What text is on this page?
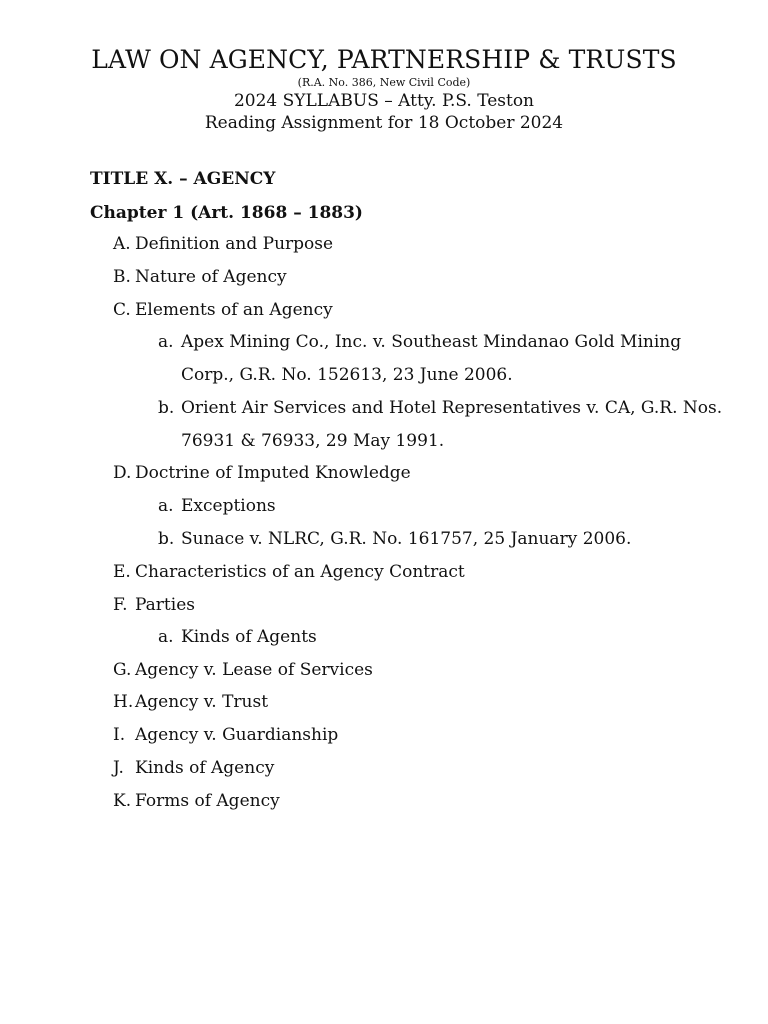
LAW ON AGENCY, PARTNERSHIP & TRUSTS

(R.A. No. 386, New Civil Code)

2024 SYLLABUS – Atty. P.S. Teston

Reading Assignment for 18 October 2024

TITLE X. – AGENCY
Chapter 1 (Art. 1868 – 1883)
A. Definition and Purpose
B. Nature of Agency
C. Elements of an Agency
a. Apex Mining Co., Inc. v. Southeast Mindanao Gold Mining
Corp., G.R. No. 152613, 23 June 2006.
b. Orient Air Services and Hotel Representatives v. CA, G.R. Nos.
76931 & 76933, 29 May 1991.
D. Doctrine of Imputed Knowledge
a. Exceptions
b. Sunace v. NLRC, G.R. No. 161757, 25 January 2006.
E. Characteristics of an Agency Contract
F. Parties
a. Kinds of Agents
G. Agency v. Lease of Services
H. Agency v. Trust
I. Agency v. Guardianship
J. Kinds of Agency
K. Forms of Agency
